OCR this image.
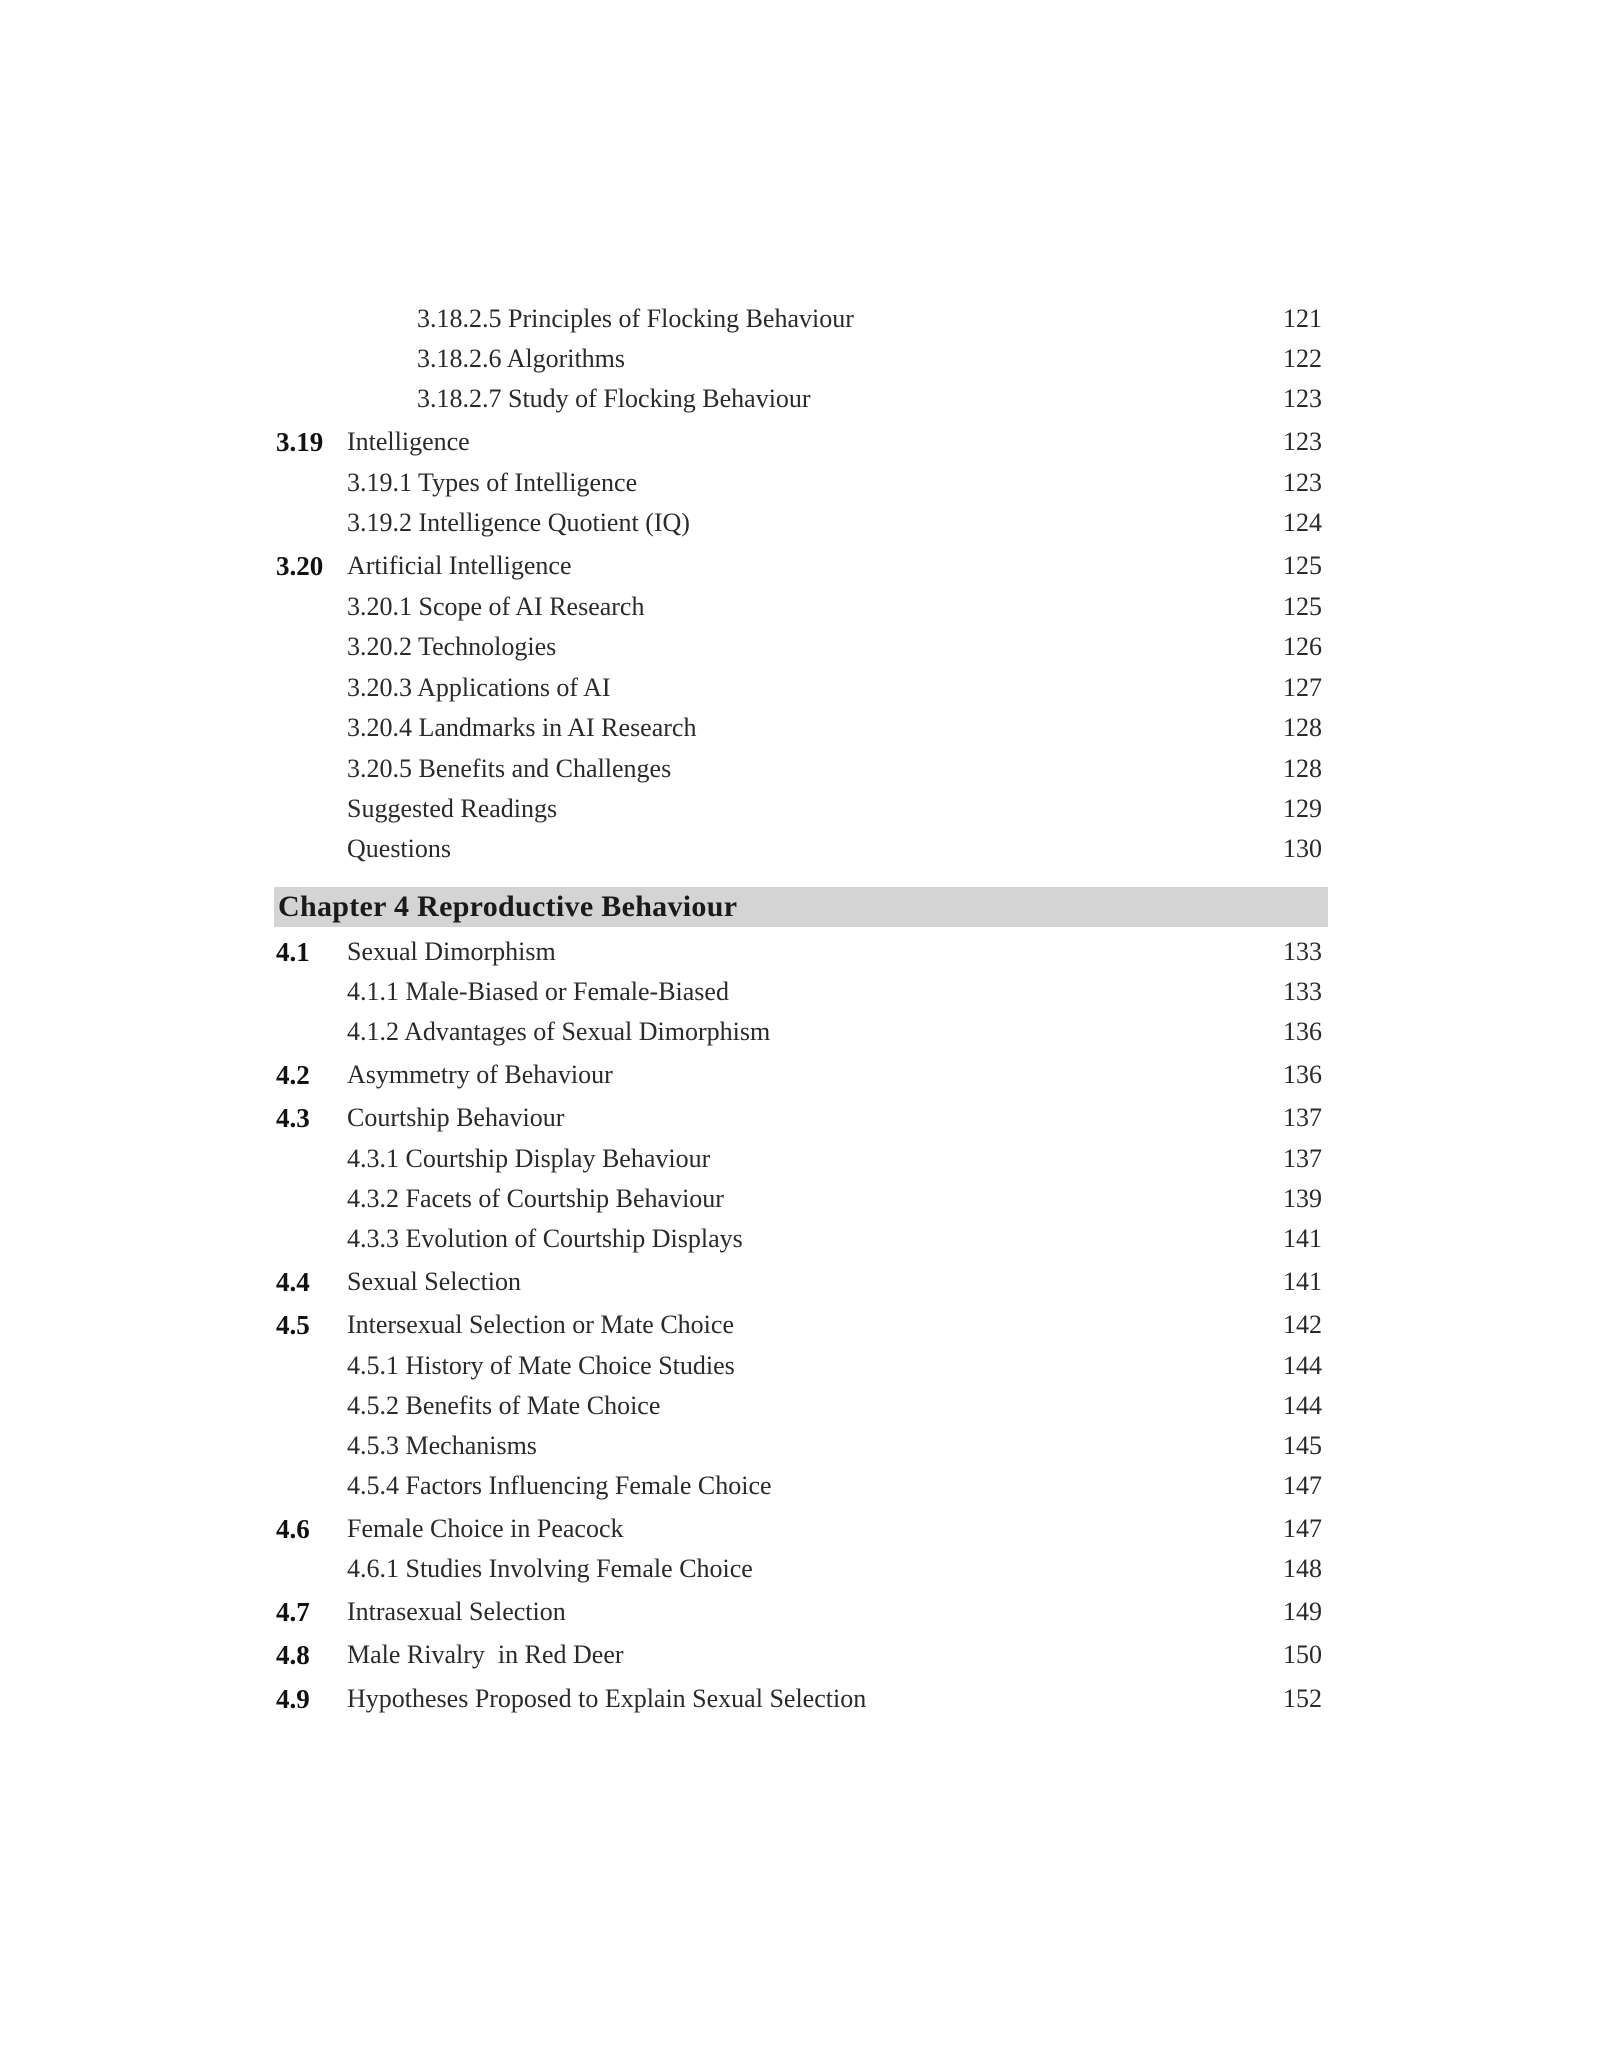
3.18.2.5 Principles of Flocking Behaviour	121
3.18.2.6 Algorithms	122
3.18.2.7 Study of Flocking Behaviour	123
3.19 Intelligence	123
3.19.1 Types of Intelligence	123
3.19.2 Intelligence Quotient (IQ)	124
3.20 Artificial Intelligence	125
3.20.1 Scope of AI Research	125
3.20.2 Technologies	126
3.20.3 Applications of AI	127
3.20.4 Landmarks in AI Research	128
3.20.5 Benefits and Challenges	128
Suggested Readings	129
Questions	130
Chapter 4 Reproductive Behaviour
4.1 Sexual Dimorphism	133
4.1.1 Male-Biased or Female-Biased	133
4.1.2 Advantages of Sexual Dimorphism	136
4.2 Asymmetry of Behaviour	136
4.3 Courtship Behaviour	137
4.3.1 Courtship Display Behaviour	137
4.3.2 Facets of Courtship Behaviour	139
4.3.3 Evolution of Courtship Displays	141
4.4 Sexual Selection	141
4.5 Intersexual Selection or Mate Choice	142
4.5.1 History of Mate Choice Studies	144
4.5.2 Benefits of Mate Choice	144
4.5.3 Mechanisms	145
4.5.4 Factors Influencing Female Choice	147
4.6 Female Choice in Peacock	147
4.6.1 Studies Involving Female Choice	148
4.7 Intrasexual Selection	149
4.8 Male Rivalry  in Red Deer	150
4.9 Hypotheses Proposed to Explain Sexual Selection	152
